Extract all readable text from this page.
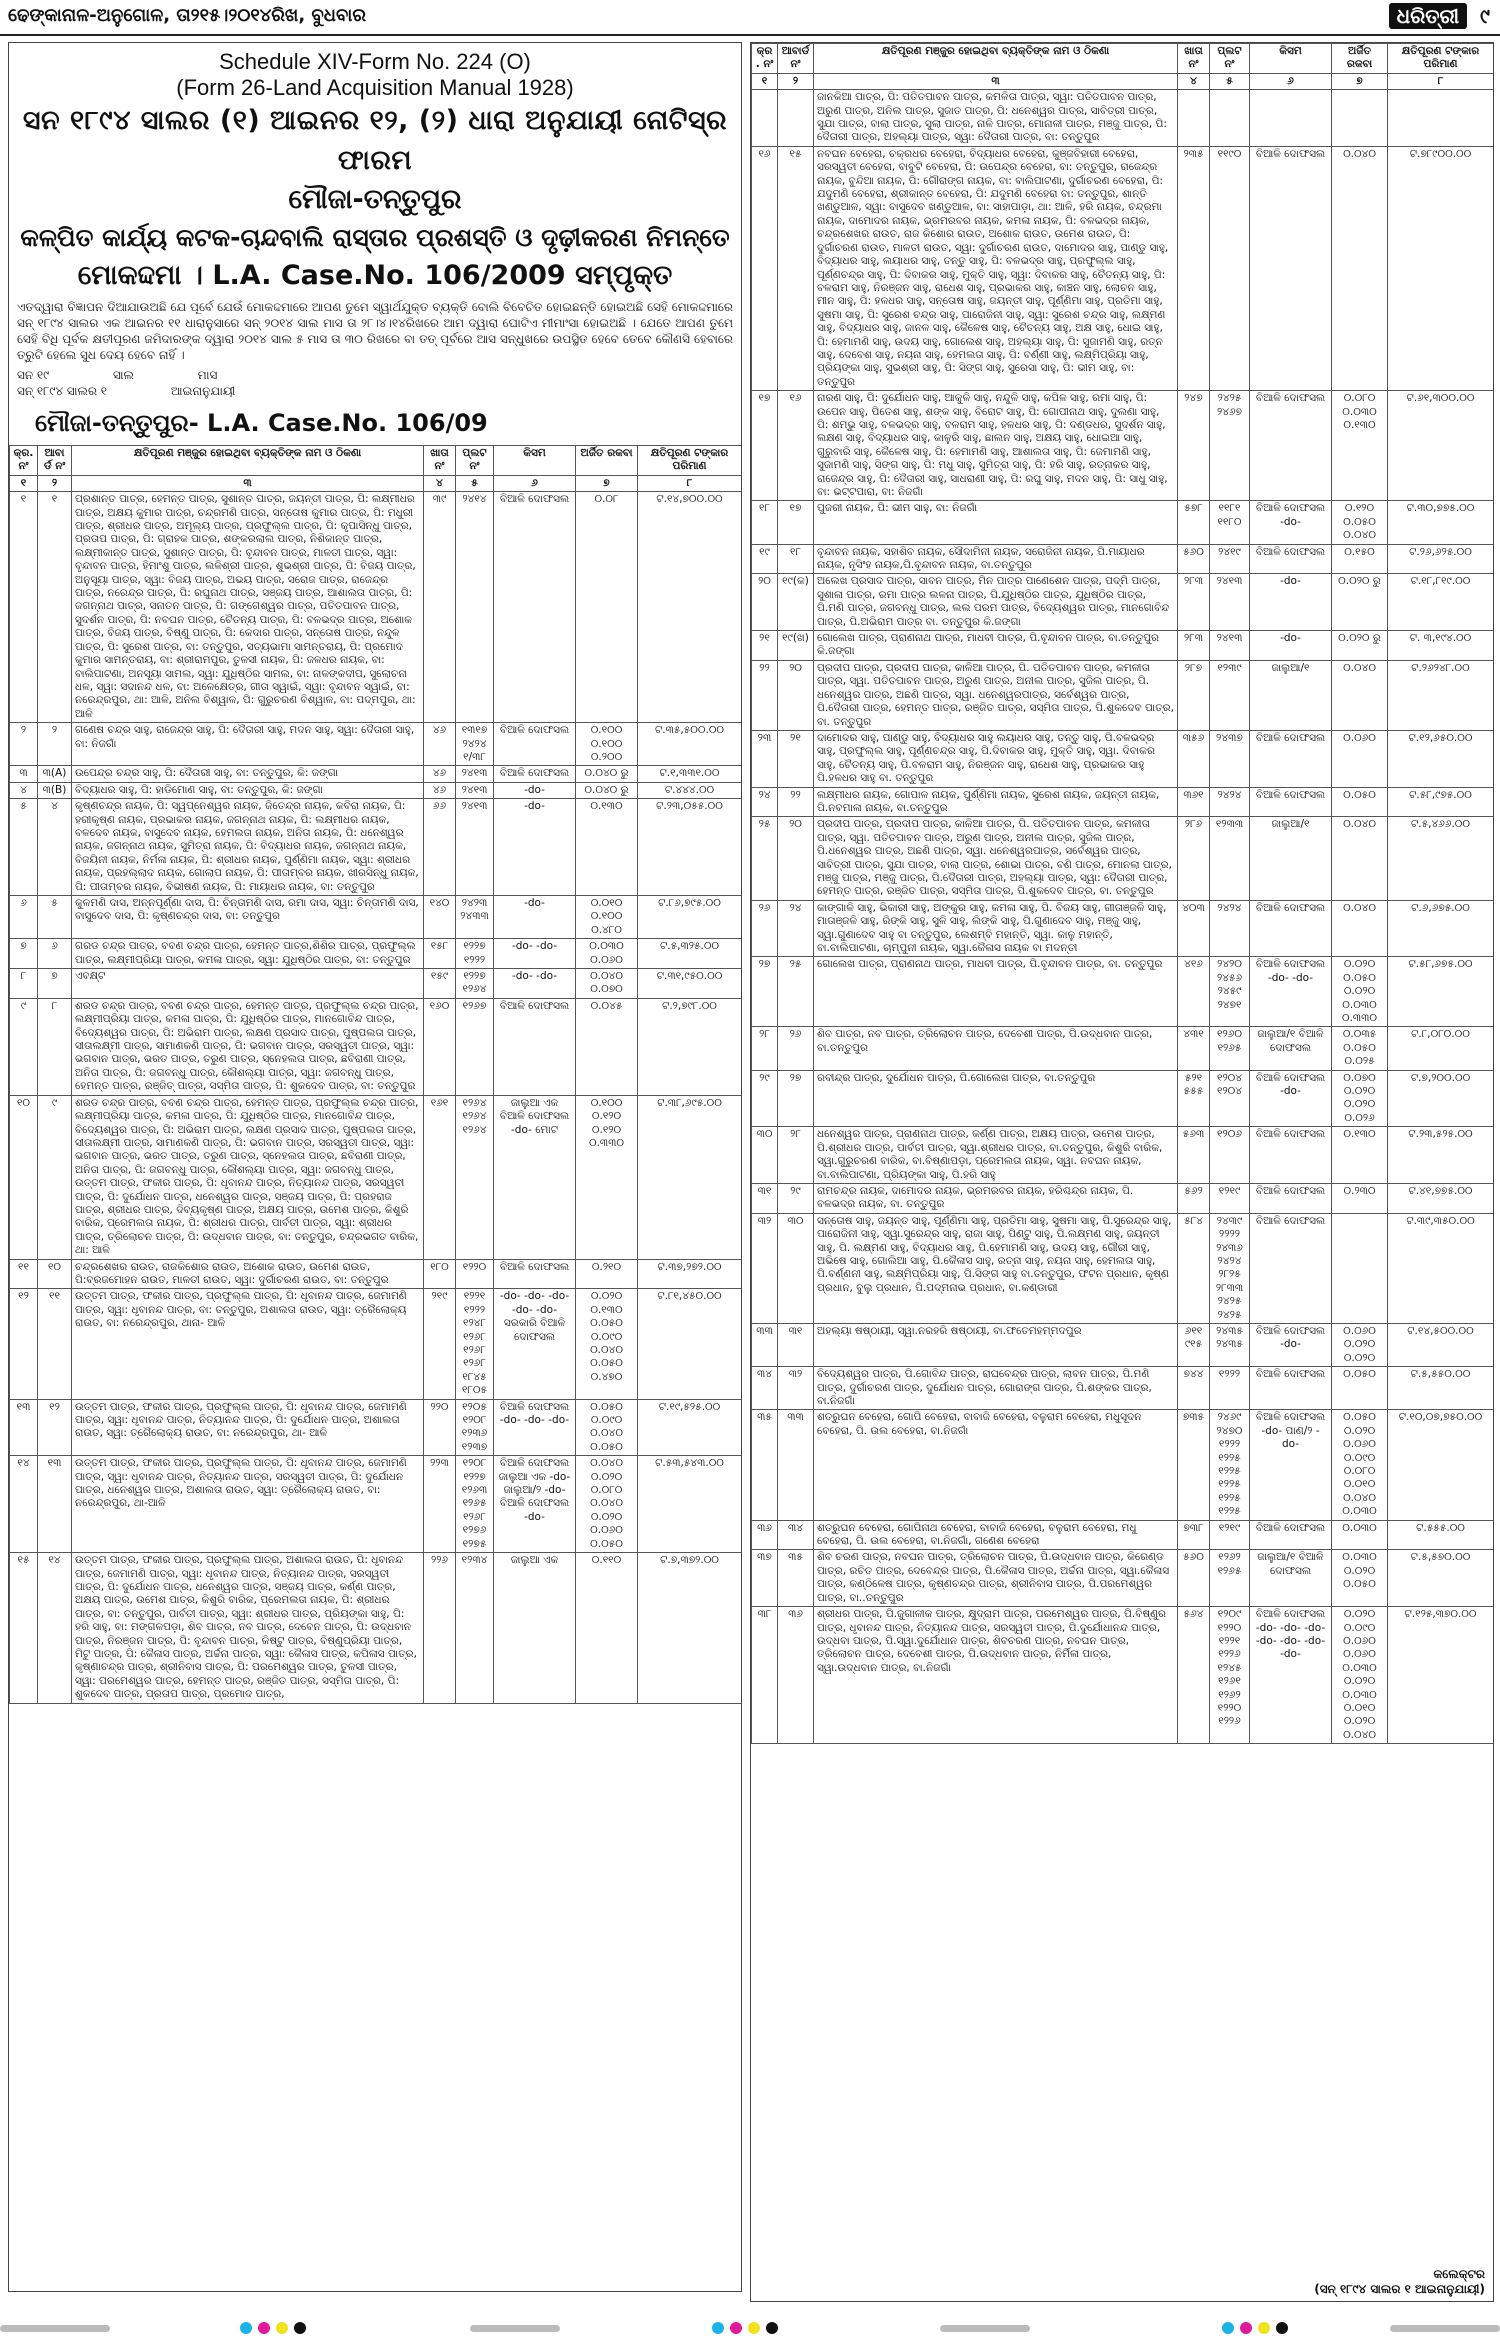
ଢେଙ୍କାନାଳ-ଅନୁଗୋଳ, ତା୨୧୫।୨୦୧୪ରିଖ, ବୁଧବାର	ଧରିତ୍ରୀ ୯
Schedule XIV-Form No. 224 (O)
(Form 26-Land Acquisition Manual 1928)
ସନ ୧୮୯୪ ସାଲର (୧) ଆଇନର ୧୨, (୨) ଧାରା ଅନୁଯାୟୀ ନୋଟିସ୍‌ର ଫାରମ
ମୌଜା-ତନ୍ତୁପୁର
କଳ୍ପିତ କାର୍ଯ୍ୟ କଟକ-ଚାନ୍ଦବାଲି ରାସ୍ତାର ପ୍ରଶସ୍ତି ଓ ଦୃଢ଼ୀକରଣ ନିମନ୍ତେ
ମୋକଦ୍ଦମା । L.A. Case.No. 106/2009 ସମ୍ପୃକ୍ତ
ଏତଦ୍ୱାରା ବିଜ୍ଞାପନ ଦିଆଯାଉଅଛି ଯେ ପୂର୍ବେ ଯେଉଁ ମୋକଦ୍ଦମାରେ ଆପଣ ତୁମେ ସ୍ୱାର୍ଥଯୁକ୍ତ ବ୍ୟକ୍ତି ବୋଲି ବିବେଚିତ ହୋଇଛନ୍ତି ହୋଇଅଛି ସେହି ମୋକଦ୍ଦମାରେ ସନ୍ ୧୮୯୪ ସାଲର ଏକ ଆଇନର ୧୧ ଧାରାନୁସାରେ ସନ୍ ୨୦୧୪ ସାଲ ମାସ ତା ୨୮।୪।୧୪ରିଖରେ ଆମ ଦ୍ୱାରା ଘୋଟିଏ ମୀମାଂସା ହୋଇଅଛି । ଯେତେ ଆପଣ ତୁମେ ସେହି ବିଧି ପୂର୍ବକ କ୍ଷତୀପୂରଣ ଜମିଦାରଙ୍କ ଦ୍ୱାରା ୨୦୧୪ ସାଲ ୫ ମାସ ତା ୩୦ ରିଖରେ ବା ତତ୍ ପୂର୍ବରେ ଆସ ସନ୍ଧୁଖରେ ଉପସ୍ଥିତ ହେବେ ତେବେ କୌଣସି ହେବାରେ ତ୍ରୁଟି ହେଲେ ସୁଧ ଦେୟ ହେବେ ନାହିଁ ।
ସନ ୧୯	ସାଲ	ମାସ
ସନ୍ ୧୮୯୪ ସାଲର ୧	ଆଇନାନୁଯାୟୀ
ମୌଜା-ତନ୍ତୁପୁର- L.A. Case.No. 106/09
କ୍ର. ନଂ	ଆବାର୍ଡ ନଂ	କ୍ଷତିପୂରଣ ମଞ୍ଜୁର ହୋଇଥିବା ବ୍ୟକ୍ତିଙ୍କ ନାମ ଓ ଠିକଣା	ଖାତା ନଂ	ପ୍ଲଟ ନଂ	କିସମ	ଅର୍ଜିତ ରକବା	କ୍ଷତିପୂରଣ ଟଙ୍କାର ପରିମାଣ
୧	୨	୩	୪	୫	୬	୭	୮
୧	୧	ପ୍ରଶାନ୍ତ ପାତ୍ର, ହେମନ୍ତ ପାତ୍ର, ସୁଶାନ୍ତ ପାତ୍ର, ଜୟନ୍ତୀ ପାତ୍ର, ପି: ଲକ୍ଷ୍ମୀଧର ପାତ୍ର, ଅକ୍ଷୟ କୁମାର ପାତ୍ର, ଚନ୍ଦ୍ରମଣି ପାତ୍ର, ସନ୍ତୋଷ କୁମାର ପାତ୍ର, ପି: ମଧୁରୀ ପାତ୍ର, ଶ୍ରୀଧର ପାତ୍ର, ଅମୂଲ୍ୟ ପାତ୍ର, ପ୍ରଫୁଲ୍ଲ ପାତ୍ର, ପି: କୃପାସିନ୍ଧୁ ପାତ୍ର, ପ୍ରତାପ ପାତ୍ର, ପି: ଗ୍ରାହକ ପାତ୍ର, ଶଙ୍କରଲାଲ ପାତ୍ର, ନିଶିକାନ୍ତ ପାତ୍ର, ଲକ୍ଷ୍ମୀକାନ୍ତ ପାତ୍ର, ସୁଶାନ୍ତ ପାତ୍ର, ପି: ବୃନ୍ଦାବନ ପାତ୍ର, ମାଳତୀ ପାତ୍ର, ସ୍ୱା: ବୃନ୍ଦାବନ ପାତ୍ର, ହିମାଂଶୁ ପାତ୍ର, ଲଳିଶ୍ରୀ ପାତ୍ର, ଶୁଭଶ୍ରୀ ପାତ୍ର, ପି: ବିଜୟ ପାତ୍ର, ଅନୁସୂୟା ପାତ୍ର, ସ୍ୱା: ବିଜୟ ପାତ୍ର, ଅଭୟ ପାତ୍ର, ସରୋଜ ପାତ୍ର, ରାଜେନ୍ଦ୍ର ପାତ୍ର, ନରେନ୍ଦ୍ର ପାତ୍ର, ପି: ରଘୁନାଥ ପାତ୍ର, ସଞ୍ଜୟ ପାତ୍ର, ଆଶାଲତା ପାତ୍ର, ପି: ଜଗନ୍ନାଥ ପାତ୍ର, ସନାତନ ପାତ୍ର, ପି: ଗଙ୍ଗେଶ୍ୱର ପାତ୍ର, ପତିତପାବନ ପାତ୍ର, ସୁଦର୍ଶନ ପାତ୍ର, ପି: ନବଘନ ପାତ୍ର, ଚୈତନ୍ୟ ପାତ୍ର, ପି: ବଳଭଦ୍ର ପାତ୍ର, ଅଶୋକ ପାତ୍ର, ବିଜୟ ପାତ୍ର, ବିଷ୍ଣୁ ପାତ୍ର, ପି: କେଦାର ପାତ୍ର, ସନ୍ତୋଷ ପାତ୍ର, ନନ୍ଦୁଳ ପାତ୍ର, ପି: ସୁରେଶ ପାତ୍ର, ବା: ତନ୍ତୁପୁର, ସତ୍ୟଭାମା ସାମନ୍ତରାୟ, ପି: ପ୍ରମୋଦ କୁମାର ସାମନ୍ତରାୟ, ବା: ଶ୍ରୀରାମପୁର, ତୁଳସୀ ନାୟକ, ପି: ଜଳଧର ନାୟକ, ବା: ବାଲିପାଟଣା, ଅନସୂୟା ସାମଲ, ସ୍ୱା: ଯୁଧିଷ୍ଠିର ସାମଲ, ବା: ନାଳଙ୍କଦୀପ, ସୁଲୋଚନା ଧଳ, ସ୍ୱା: ସଦାନନ୍ଦ ଧଳ, ବା: ଅଳେକ୍ଷେତ୍ର, ଗୀତା ସ୍ୱାଇଁ, ସ୍ୱା: ବୃନ୍ଦାବନ ସ୍ୱାଇଁ, ବା: ନରେନ୍ଦ୍ରପୁର, ଥା: ଆଳି, ଅନିଲ ବିଶ୍ୱାଳ, ପି: ଗୁରୁଚରଣ ବିଶ୍ୱାଳ, ବା: ପଦ୍ମପୁର, ଥା: ଆଳି	୩୯	୨୪୧୪	ବିଆଳି ଦୋଫସଲ	୦.୦୮	ଟ.୧୪,୭୦୦.୦୦
୨	୨	ଗଣେଷ ଚନ୍ଦ୍ର ସାହୁ, ରାଜେନ୍ଦ୍ର ସାହୁ, ପି: ଦୈତାରୀ ସାହୁ, ମଦନ ସାହୁ, ସ୍ୱା: ଦୈତାରୀ ସାହୁ, ବା: ନିଜଗାଁ	୪୬	୧୩୧୭ ୨୪୨୪ ୧/୩୮	ବିଆଳି ଦୋଫସଲ	୦.୧୦୦ ୦.୧୦୦ ୦.୨୦୦	ଟ.୩୫,୫୦୦.୦୦
୩	୩(A)	ଉପେନ୍ଦ୍ର ଚନ୍ଦ୍ର ସାହୁ, ପି: ଦୈତାରୀ ସାହୁ, ବା: ତନ୍ତୁପୁର, କି: ଜଙ୍ଗା	୪୬	୨୪୧୩	ବିଆଳି ଦୋଫସଲ	୦.୦୪୦ ରୁ	ଟ.୧,୩୩୧.୦୦
୪	୩(B)	ବିଦ୍ୟାଧର ସାହୁ, ପି: ହାଡିମୋଣ ସାହୁ, ବା: ତନ୍ତୁପୁର, କି: ଜଙ୍ଗା	୪୬	୨୪୧୩	-do-	୦.୦୪୦ ରୁ	ଟ.୪୪୪.୦୦
୫	୪	କୃଷ୍ଣଚନ୍ଦ୍ର ନାୟକ, ପି: ସ୍ୱପ୍ନେଶ୍ୱର ନାୟକ, ଜିତେନ୍ଦ୍ର ନାୟକ, କବିରା ନାୟକ, ପି: ହରୀକୃଷ୍ଣ ନାୟକ, ପ୍ରଭାକର ନାୟକ, ଜଗନ୍ନାଥ ନାୟକ, ପି: ଲକ୍ଷ୍ମୀଧର ନାୟକ, ବଳଦେବ ନାୟକ, ବାସୁଦେବ ନାୟକ, ହେମଲତା ନାୟକ, ଅନିତା ନାୟକ, ପି: ଧନେଶ୍ୱର ନାୟକ, ଜଗନ୍ନାଥ ନାୟକ, ସୁମିତ୍ରା ନାୟକ, ପି: ବିଦ୍ୟାଧର ନାୟକ, ଜଗନ୍ନାଥ ନାୟକ, ବିଜୟିନୀ ନାୟକ, ନିର୍ମଳା ନାୟକ, ପି: ଶ୍ରୀଧର ନାୟକ, ପୁର୍ଣ୍ଣିମା ନାୟକ, ସ୍ୱା: ଶ୍ରୀଧର ନାୟକ, ପ୍ରହଲ୍ଲାଦ ନାୟକ, ଗୋଲାପ ନାୟକ, ପି: ପୀତାମ୍ବର ନାୟକ, ଖୀରସିନ୍ଧୁ ନାୟକ, ପି: ପୀତାମ୍ବର ନାୟକ, ବିଭୀଷଣ ନାୟକ, ପି: ମାୟାଧର ନାୟକ, ବା: ତନ୍ତୁପୁର	୬୬	୨୪୧୩	-do-	୦.୧୩୦	ଟ.୨୩,୦୫୫.୦୦
୬	୫	କୁଳମଣି ଦାସ, ଅନ୍ନପୂର୍ଣ୍ଣା ଦାସ, ପି: ଚିନ୍ତାମଣି ଦାସ, ରମା ଦାସ, ସ୍ୱା: ଚିନ୍ତାମଣି ଦାସ, ବାସୁଦେବ ଦାସ, ପି: କୃଷ୍ଣଚନ୍ଦ୍ର ଦାସ, ବା: ତନ୍ତୁପୁର	୧୪୦	୨୪୨୩ ୨୪୩୩	-do-	୦.୦୧୦ ୦.୧୦୦ ୦.୪୮୦	ଟ.୮୬,୭୯୫.୦୦
୭	୬	ଗରଡ ଚନ୍ଦ୍ର ପାତ୍ର, ବବଣ ଚନ୍ଦ୍ର ପାତ୍ର, ହେମନ୍ତ ପାତ୍ର,ଶିଶିର ପାତ୍ର, ପ୍ରଫୁଲ୍ଲ ପାତ୍ର, ଲକ୍ଷ୍ମୀପ୍ରିୟା ପାତ୍ର, କମଳା ପାତ୍ର, ସ୍ୱା: ଯୁଧିଷ୍ଠିର ପାତ୍ର, ବା: ତନ୍ତୁପୁର	୧୫୮	୧୨୨୭ ୧୨୨୨	-do- -do-	୦.୦୩୦ ୦.୦୬୦	ଟ.୫,୩୨୫.୦୦
୮	୭	ଏବକ୍ଷ୍ଟ	୧୫୯	୧୨୨୭ ୧୨୬୪	-do- -do-	୦.୦୪୦ ୦.୦୭୦	ଟ.୩୧,୯୫୦.୦୦
୯	୮	ଶରଡ ଚନ୍ଦ୍ର ପାତ୍ର, ବବଣ ଚନ୍ଦ୍ର ପାତ୍ର, ହେମନ୍ତ ପାତ୍ର, ପ୍ରଫୁଲ୍ଲ ଚନ୍ଦ୍ର ପାତ୍ର, ଲକ୍ଷ୍ମୀପ୍ରିୟା ପାତ୍ର, କମଳା ପାତ୍ର, ପି: ଯୁଧିଷ୍ଠିର ପାତ୍ର, ମାନଗୋବିନ୍ଦ ପାତ୍ର, ବିଦ୍ୟେଶ୍ୱର ପାତ୍ର, ପି: ଅଭିରାମ ପାତ୍ର, ଲକ୍ଷଣ ପ୍ରସାଦ ପାତ୍ର, ପୁଷ୍ପଲତା ପାତ୍ର, ସୀତାଲକ୍ଷ୍ମୀ ପାତ୍ର, ସାମାଣକଣି ପାତ୍ର, ପି: ଭଗବାନ ପାତ୍ର, ସରସ୍ୱତୀ ପାତ୍ର, ସ୍ୱା: ଭଗବାନ ପାତ୍ର, ଭରତ ପାତ୍ର, ତରୁଣ ପାତ୍ର, ସ୍ନେହଲତା ପାତ୍ର, ଛବିରାଣୀ ପାତ୍ର, ଅନିତା ପାତ୍ର, ପି: ଜଗବନ୍ଧୁ ପାତ୍ର, କୌଶଲ୍ୟା ପାତ୍ର, ସ୍ୱା: ଜଗବନ୍ଧୁ ପାତ୍ର, ହେମନ୍ତ ପାତ୍ର, ରଞ୍ଜିତ୍ ପାତ୍ର, ସସ୍ମିତା ପାତ୍ର, ପି: ଶୁକଦେବ ପାତ୍ର, ବା: ତନ୍ତୁପୁର	୧୬୦	୧୨୬୭	ବିଆଳି ଦୋଫସଲ	୦.୦୪୫	ଟ.୨,୭୯୮.୦୦
୧୦	୯	ଶରଡ ଚନ୍ଦ୍ର ପାତ୍ର, ବବଣ ଚନ୍ଦ୍ର ପାତ୍ର, ହେମନ୍ତ ପାତ୍ର, ପ୍ରଫୁଲ୍ଲ ଚନ୍ଦ୍ର ପାତ୍ର, ଲକ୍ଷ୍ମୀପ୍ରିୟା ପାତ୍ର, କମଳା ପାତ୍ର, ପି: ଯୁଧିଷ୍ଠିର ପାତ୍ର, ମାନଗୋବିନ୍ଦ ପାତ୍ର, ବିଦ୍ୟେଶ୍ୱର ପାତ୍ର, ପି: ଅଭିରାମ ପାତ୍ର, ଲକ୍ଷଣ ପ୍ରସାଦ ପାତ୍ର, ପୁଷ୍ପଲତା ପାତ୍ର, ସୀତାଲକ୍ଷ୍ମୀ ପାତ୍ର, ସାମାଣକଣି ପାତ୍ର, ପି: ଭଗବାନ ପାତ୍ର, ସରସ୍ୱତୀ ପାତ୍ର, ସ୍ୱା: ଭଗବାନ ପାତ୍ର, ଭରତ ପାତ୍ର, ତରୁଣ ପାତ୍ର, ସ୍ନେହଲତା ପାତ୍ର, ଛବିରାଣୀ ପାତ୍ର, ଅନିତା ପାତ୍ର, ପି: ଜଗବନ୍ଧୁ ପାତ୍ର, କୌଶଲ୍ୟା ପାତ୍ର, ସ୍ୱା: ଜଗବନ୍ଧୁ ପାତ୍ର, ଉତ୍ତମ ପାତ୍ର, ଫକୀର ପାତ୍ର, ପି: ଧୃବାନନ୍ଦ ପାତ୍ର, ନିତ୍ୟାନନ୍ଦ ପାତ୍ର, ସରସ୍ୱତୀ ପାତ୍ର, ପି: ଦୁର୍ଯୋଧନ ପାତ୍ର, ଧନେଶ୍ୱର ପାତ୍ର, ସଞ୍ଜୟ ପାତ୍ର, ପି: ପ୍ରହରାଜ ପାତ୍ର, ଶ୍ରୀଧର ପାତ୍ର, ଦିବ୍ୟକୃଷ୍ଣ ପାତ୍ର, ଅକ୍ଷୟ ପାତ୍ର, ଉମେଶ ପାତ୍ର, କିଶୁରି ବାରିକ, ପ୍ରେମଲତା ନାୟକ, ପି: ଶ୍ରୀଧର ପାତ୍ର, ପାର୍ବତୀ ପାତ୍ର, ସ୍ୱା: ଶ୍ରୀଧର ପାତ୍ର, ତ୍ରିଲୋଚନ ପାତ୍ର, ପି: ଉଦ୍ଧବାନ ପାତ୍ର, ବା: ତନ୍ତୁପୁର, ଚନ୍ଦ୍ରଭଗତ ବାରିକ, ଥା: ଆଳି	୧୬୧	୧୨୬୪ ୧୨୬୪ ୧୨୬୪	ଜାଲୁଆ ଏକ ବିଆଳି ଦୋଫସଲ -do- ମୋଟ	୦.୧୦୦ ୦.୧୨୦ ୦.୧୨୦ ୦.୩୩୦	ଟ.୩୮,୬୯୫.୦୦
୧୧	୧୦	ଚନ୍ଦ୍ରଶେଖର ରାଉତ, ରାଜକିଶୋର ରାଉତ, ଅଶୋକ ରାଉତ, ଉମେଶ ରାଉତ, ପି:ବ୍ରଜମୋହନ ରାଉତ, ମାଳତୀ ରାଉତ, ସ୍ୱା: ଦୁର୍ଗାଚରଣ ରାଉତ, ବା: ତନ୍ତୁପୁର	୧୮୦	୧୨୨୦	ବିଆଳି ଦୋଫସଲ	୦.୨୧୦	ଟ.୩୭,୨୭୨.୦୦
୧୨	୧୧	ଉତ୍ତମ ପାତ୍ର, ଫକୀର ପାତ୍ର, ପ୍ରଫୁଲ୍ଲ ପାତ୍ର, ପି: ଧୃବାନନ୍ଦ ପାତ୍ର, ଜେମାମଣି ପାତ୍ର, ସ୍ୱା: ଧୃବାନନ୍ଦ ପାତ୍ର, ବା: ତନ୍ତୁପୁର, ଅଶାଲତା ରାଉତ, ସ୍ୱା: ତ୍ରୈଲୋକ୍ୟ ରାଉତ, ବା: ନରେନ୍ଦ୍ରପୁର, ଥାନା- ଆଳି	୨୧୯	୧୨୨୧ ୧୨୨୨ ୧୨୪୮ ୧୨୬୮ ୧୨୬୮ ୧୨୬୮ ୧୮୪୫ ୧୮୦୫	-do- -do- -do- -do- -do- ସରକାରି ବିଆଳି ଦୋଫସଲ	୦.୦୨୦ ୦.୧୩୦ ୦.୦୫୦ ୦.୦୯୦ ୦.୦୪୦ ୦.୦୫୦ ୦.୪୭୦	ଟ.୮୧,୪୫୦.୦୦
୧୩	୧୨	ଉତ୍ତମ ପାତ୍ର, ଫକୀର ପାତ୍ର, ପ୍ରଫୁଲ୍ଲ ପାତ୍ର, ପି: ଧୃବାନନ୍ଦ ପାତ୍ର, ଜେମାମଣି ପାତ୍ର, ସ୍ୱା: ଧୃବାନନ୍ଦ ପାତ୍ର, ନିତ୍ୟାନନ୍ଦ ପାତ୍ର, ପି: ଦୁର୍ଯୋଧନ ପାତ୍ର, ଅଶାଲତା ରାଉତ, ସ୍ୱା: ତ୍ରୈଲୋକ୍ୟ ରାଉତ, ବା: ନରେନ୍ଦ୍ରପୁର, ଥା- ଆଳି	୨୨୦	୧୨୦୫ ୧୨୦୮ ୧୨୩୬ ୧୨୩୭	ବିଆଳି ଦୋଫସଲ -do- -do- -do-	୦.୦୫୦ ୦.୦୯୦ ୦.୦୪୦ ୦.୦୫୦	ଟ.୧୯,୫୨୫.୦୦
୧୪	୧୩	ଉତ୍ତମ ପାତ୍ର, ଫକୀର ପାତ୍ର, ପ୍ରଫୁଲ୍ଲ ପାତ୍ର, ପି: ଧୃବାନନ୍ଦ ପାତ୍ର, ଜେମାମଣି ପାତ୍ର, ସ୍ୱା: ଧୃବାନନ୍ଦ ପାତ୍ର, ନିତ୍ୟାନନ୍ଦ ପାତ୍ର, ସରସ୍ୱତୀ ପାତ୍ର, ପି: ଦୁର୍ଯୋଧନ ପାତ୍ର, ଧନେଶ୍ୱର ପାତ୍ର, ଅଶାଲତା ରାଉତ, ସ୍ୱା: ତ୍ରୈଲୋକ୍ୟ ରାଉତ, ବା: ନରେନ୍ଦ୍ରପୁର, ଥା-ଆଳି	୨୨୩	୧୨୦୮ ୧୨୨୭ ୧୨୬୩ ୧୨୬୫ ୧୨୬୮ ୧୨୭୬ ୧୨୭୫	ବିଆଳି ଦୋଫସଲ ଜାଲୁଆ ଏକ -do- ଜାଲୁଆ/୨ -do- ବିଆଳି ଦୋଫସଲ -do-	୦.୦୪୦ ୦.୦୨୦ ୦.୦୮୦ ୦.୦୪୦ ୦.୦୨୦ ୦.୦୬୦ ୦.୦୫୦	ଟ.୫୩,୫୪୩.୦୦
୧୫	୧୪	ଉତ୍ତମ ପାତ୍ର, ଫକୀର ପାତ୍ର, ପ୍ରଫୁଲ୍ଲ ପାତ୍ର, ଅଶାଲତା ରାଉତ, ପି: ଧୃବାନନ୍ଦ ପାତ୍ର, ଜେମାମଣି ପାତ୍ର, ସ୍ୱା: ଧୃବାନନ୍ଦ ପାତ୍ର, ନିତ୍ୟାନନ୍ଦ ପାତ୍ର, ସରସ୍ୱତୀ ପାତ୍ର, ପି: ଦୁର୍ଯୋଧନ ପାତ୍ର, ଧନେଶ୍ୱର ପାତ୍ର, ସଞ୍ଜୟ ପାତ୍ର, କର୍ଣ୍ଣ ପାତ୍ର, ଅକ୍ଷୟ ପାତ୍ର, ଉମେଶ ପାତ୍ର, କିଶୁରି ବାରିକ, ପ୍ରେମଲତା ନାୟକ, ପି: ଶ୍ରୀଧର ପାତ୍ର, ବା: ତନ୍ତୁପୁର, ପାର୍ବତୀ ପାତ୍ର, ସ୍ୱା: ଶ୍ରୀଧର ପାତ୍ର, ପ୍ରିୟଙ୍କା ସାହୁ, ପି: ହରି ସାହୁ, ବା: ମଙ୍ଗଳପଡ଼ା, ଶିବ ପାତ୍ର, ନବ ପାତ୍ର, ଦେବେନ ପାତ୍ର, ପି: ଉଦ୍ଧବାନ ପାତ୍ର, ନିରଞ୍ଜନ ପାତ୍ର, ପି: ବୃନ୍ଦାବନ ପାତ୍ର, କିଷ୍ଟୁ ପାତ୍ର, ବିଷ୍ଣୁପ୍ରିୟା ପାତ୍ର, ମିଟୁ ପାତ୍ର, ପି: କୈଳାସ ପାତ୍ର, ଅର୍ଚ୍ଚନା ପାତ୍ର, ସ୍ୱା: କୈଳାସ ପାତ୍ର, କପିଳାସ ପାତ୍ର, କୃଷ୍ଣାଚନ୍ଦ୍ର ପାତ୍ର, ଶ୍ରୀନିବାସ ପାତ୍ର, ପି: ପରମେଶ୍ୱର ପାତ୍ର, ତୁଳସୀ ପାତ୍ର, ସ୍ୱା: ପରମେଶ୍ୱର ପାତ୍ର, ହେମନ୍ତ ପାତ୍ର, ରଞ୍ଜିତ ପାତ୍ର, ସସ୍ମିତା ପାତ୍ର, ପି: ଶୁକଦେବ ପାତ୍ର, ପ୍ରତାପ ପାତ୍ର, ପ୍ରମୋଦ ପାତ୍ର,	୨୨୬	୧୨୩୪	ଜାଲୁଆ ଏକ	୦.୧୧୦	ଟ.୭,୩୭୨.୦୦
କ୍ର. ନଂ	ଆବାର୍ଡ ନଂ	କ୍ଷତିପୂରଣ ମଞ୍ଜୁର ହୋଇଥିବା ବ୍ୟକ୍ତିଙ୍କ ନାମ ଓ ଠିକଣା	ଖାତା ନଂ	ପ୍ଲଟ ନଂ	କିସମ	ଅର୍ଜିତ ରକବା	କ୍ଷତିପୂରଣ ଟଙ୍କାର ପରିମାଣ
୧	୨	୩	୪	୫	୬	୭	୮
		ଜାନକିଆ ପାତ୍ର, ପି: ପତିତପାବନ ପାତ୍ର, କମଳିତା ପାତ୍ର, ସ୍ୱା: ପତିତପାବନ ପାତ୍ର, ଅରୁଣ ପାତ୍ର, ଅନିଲ ପାତ୍ର, ସୁଜାତ ପାତ୍ର, ପି: ଧନେଶ୍ୱର ପାତ୍ର, ସାବିତ୍ରୀ ପାତ୍ର, ସୁଯା ପାତ୍ର, ବାଲା ପାତ୍ର, ସୁଲା ପାତ୍ର, ନାଳି ପାତ୍ର, ମୋନାଳୀ ପାତ୍ର, ମଞ୍ଜୁ ପାତ୍ର, ପି: ଦୈତାରୀ ପାତ୍ର, ଅହଲ୍ୟା ପାତ୍ର, ସ୍ୱା: ଦୈତାରୀ ପାତ୍ର, ବା: ତନ୍ତୁପୁର					
୧୬	୧୫	ନବଘନ ବେହେରା, ଚକ୍ରଧର ବେହେରା, ବିଦ୍ୟାଧର ବେହେରା, କୁଞ୍ଜବିହାରୀ ବେହେରା, ସରସ୍ୱତୀ ବେହେରା, ବାବୁଟି ବେହେରା, ପି: ଉପେନ୍ଦ୍ର ବେହେରା, ବା: ତନ୍ତୁପୁର, ରାଜେନ୍ଦ୍ର ନାୟକ, ବୁନ୍ଦିଆ ନାୟକ, ପି: ଗୌରାଙ୍ଗ ନାୟକ, ବା: ବାଲିପାଟଣା, ଦୁର୍ଗାଚରଣ ବେହେରା, ପି: ଯଦୁମଣି ବେହେରା, ଶ୍ରୀକାନ୍ତ ବେହେରା, ପି: ଯଦୁମଣି ବେହେରା ବା: ତନ୍ତୁପୁର, ଶାନ୍ତି ଖଣ୍ଡୁଆଳ, ସ୍ୱା: ବାସୁଦେବ ଖଣ୍ଡୁଆଳ, ବା: ସାହାପାଡ଼ା, ଥା: ଆଳି, ହରି ନାୟକ, ଚନ୍ଦ୍ରମା ନାୟକ, ଦାମୋଦର ନାୟକ, ଭ୍ରମରବର ନାୟକ, କମଳା ନାୟକ, ପି: ବଳଭଦ୍ର ନାୟକ, ଚନ୍ଦ୍ରଶେଖର ରାଉତ, ରାଜ କିଶୋର ରାଉତ, ଅଶୋକ ରାଉତ, ଉମେଶ ରାଉତ, ପି: ଦୁର୍ଗାଚରଣ ରାଉତ, ମାଳତୀ ରାଉତ, ସ୍ୱା: ଦୁର୍ଗାଚରଣ ରାଉତ, ଦାମୋଦର ସାହୁ, ପାଣ୍ଡୁ ସାହୁ, ବିଦ୍ୟାଧର ସାହୁ, ଲୟାଧର ସାହୁ, ତନ୍ତୁ ସାହୁ, ପି: ବଳଭଦ୍ର ସାହୁ, ପ୍ରଫୁଲ୍ଲ ସାହୁ, ପୂର୍ଣ୍ଣଚନ୍ଦ୍ର ସାହୁ, ପି: ଦିବାକର ସାହୁ, ମୁକ୍ତି ସାହୁ, ସ୍ୱା: ଦିବାକର ସାହୁ, ଚୈତନ୍ୟ ସାହୁ, ପି: ବଳରାମ ସାହୁ, ନିରଞ୍ଜନ ସାହୁ, ରାଧେଶ ସାହୁ, ପ୍ରଭାକର ସାହୁ, କାଞ୍ଚନ ସାହୁ, ଲୋଚନ ସାହୁ, ମୀନ ସାହୁ, ପି: ହଳଧର ସାହୁ, ସନ୍ତୋଷ ସାହୁ, ଜୟନ୍ତୀ ସାହୁ, ପୂର୍ଣ୍ଣିମା ସାହୁ, ପ୍ରତିମା ସାହୁ, ସୁଷମା ସାହୁ, ପି: ସୁରେଶ ଚନ୍ଦ୍ର ସାହୁ, ପାରୋଜିନୀ ସାହୁ, ସ୍ୱା: ସୁରେଶ ଚନ୍ଦ୍ର ସାହୁ, ଲକ୍ଷ୍ମଣ ସାହୁ, ବିଦ୍ୟାଧର ସାହୁ, ଜାନଳ ସାହୁ, କୈଳେଷ ସାହୁ, ଚୈତନ୍ୟ ସାହୁ, ଅକ୍ଷ ସାହୁ, ଧୋଇ ସାହୁ, ପି: ହେମାମଣି ସାହୁ, ଉଦୟ ସାହୁ, ଗୋଲେଶ ସାହୁ, ଅହଲ୍ୟା ସାହୁ, ପି: ସୁଜାମଣି ସାହୁ, ରତ୍ନ ସାହୁ, ଦେବେଶ ସାହୁ, ନୟନା ସାହୁ, ହେମଲତା ସାହୁ, ପି: ବର୍ଣ୍ଣୀ ସାହୁ, ଲକ୍ଷ୍ମିପ୍ରିୟା ସାହୁ, ପ୍ରିୟଙ୍କା ସାହୁ, ସୁଭଶ୍ରୀ ସାହୁ, ପି: ସିଙ୍ଗ ସାହୁ, ସୁରେସା ସାହୁ, ପି: ଭୀମ ସାହୁ, ବା: ତନ୍ତୁପୁର	୨୩୫	୧୧୯୦	ବିଆଳି ଦୋଫସଲ	୦.୦୪୦	ଟ.୭୮୯୦୦.୦୦
୧୭	୧୬	ନାରଣ ସାହୁ, ପି: ଦୁର୍ଯୋଧନ ସାହୁ, ଆକୁଳି ସାହୁ, ନନ୍ଦୁଳି ସାହୁ, କପିଳ ସାହୁ, ରମା ସାହୁ, ପି: ଉପେନ ସାହୁ, ପିତେଶ ସାହୁ, ଶଙ୍କ ସାହୁ, ବିରୋଟ ସାହୁ, ପି: ଗୋପୀନାଥ ସାହୁ, ଦୁଲଣା ସାହୁ, ପି: ଶମ୍ଭୁ ସାହୁ, ବଳଭଦ୍ର ସାହୁ, ବଳରାମ ସାହୁ, ହଳଧର ସାହୁ, ପି: ଦଣ୍ଡଧର, ସୁଦର୍ଶନ ସାହୁ, ଲକ୍ଷଣ ସାହୁ, ବିଦ୍ୟାଧର ସାହୁ, କାଳୁରି ସାହୁ, ଛାଲନ ସାହୁ, ଅକ୍ଷୟ ସାହୁ, ଧୋଇଆ ସାହୁ, ଗୁରୁବାରି ସାହୁ, କୈଳେଷ ସାହୁ, ପି: ହେମାମଣି ସାହୁ, ଆଶାଲତା ସାହୁ, ପି: ଜେମାମଣି ସାହୁ, ସୁଜାମଣି ସାହୁ, ସିଙ୍ଗ ସାହୁ, ପି: ମଧୁ ସାହୁ, ସୁମିତ୍ରା ସାହୁ, ପି: ହରି ସାହୁ, ରତ୍ନାକର ସାହୁ, ରାଜେନ୍ଦ୍ର ସାହୁ, ପି: ଦୈତାରୀ ସାହୁ, ସାଧରାଣୀ ସାହୁ, ପି: ରଘୁ ସାହୁ, ମଦନ ସାହୁ, ପି: ସାଧୁ ସାହୁ, ବା: ଭଟ୍ଟପାରା, ବା: ନିଜଗାଁ	୨୪୭	୨୪୨୫ ୨୪୬୭	ବିଆଳି ଦୋଫସଲ	୦.୦୮୦ ୦.୦୩୦ ୦.୧୩୦	ଟ.୬୧,୩୦୦.୦୦
୧୮	୧୭	ପୁଜରୀ ନାୟକ, ପି: ଭୀମ ସାହୁ, ବା: ନିଜଗାଁ	୫୭୮	୧୧୮୧ ୧୧୮୦	ବିଆଳି ଦୋଫସଲ -do-	୦.୧୨୦ ୦.୦୫୦ ୦.୦୪୦	ଟ.୩୦,୭୭୫.୦୦
୧୯	୧୮	ବୃନ୍ଦାବନ ନାୟକ, ସହାଶିବ ନାୟକ, ସୌଦାମିନୀ ନାୟକ, ସରୋଜିନୀ ନାୟକ, ପି.ମାୟାଧର ନାୟକ, ନୃସିଂହ ନାୟକ,ପି.ବୃନ୍ଦାବନ ନାୟକ, ବା.ତନ୍ତୁପୁର	୫୬୦	୨୪୧୯	ବିଆଳି ଦୋଫସଲ	୦.୧୫୦	ଟ.୨୬,୬୨୫.୦୦
୨୦	୧୯(କ)	ଅଲେଖ ପ୍ରସାଦ ପାତ୍ର, ସାବନ ପାତ୍ର, ମିନ ପାତ୍ର ପାଣେଶେନ ପାତ୍ର, ପଦ୍ମି ପାତ୍ର, ସୁଶାଳା ପାତ୍ର, ରମା ପାତ୍ର ଲଳନା ପାତ୍ର, ପି.ଯୁଧିଷ୍ଠିର ପାତ୍ର, ଯୁଧିଷ୍ଠିର ପାତ୍ର, ପି.ମଣି ପାତ୍ର, ଜଗବନ୍ଧୁ ପାତ୍ର, ଲଲ ପରମ ପାତ୍ର, ବିଦ୍ୟେଶ୍ୱର ପାତ୍ର, ମାନଗୋବିନ୍ଦ ପାତ୍ର, ପି.ଅଭିରାମ ପାତ୍ର ବା. ତନ୍ତୁପୁର କି.ଜଙ୍ଗା	୨୮୩	୨୪୧୩	-do-	୦.୦୨୦ ରୁ	ଟ.୧୮,୮୧୯.୦୦
୨୧	୧୯(ଖ)	ଗୋଲେଖ ପାତ୍ର, ପ୍ରାଣନାଥ ପାତ୍ର, ମାଧବୀ ପାତ୍ର, ପି.ବୃନ୍ଦାବନ ପାତ୍ର, ବା.ତନ୍ତୁପୁର କି.ଜଙ୍ଗା	୨୮୩	୨୪୧୩	-do-	୦.୦୨୦ ରୁ	ଟ. ୩,୧୯୪.୦୦
୨୨	୨୦	ପ୍ରଦୀପ ପାତ୍ର, ପ୍ରଦୀପ ପାତ୍ର, କାଳିଆ ପାତ୍ର, ପି. ପତିତପାବନ ପାତ୍ର, କମଳୀତା ପାତ୍ର, ସ୍ୱା. ପତିତପାବନ ପାତ୍ର, ଅରୁଣ ପାତ୍ର, ଅନୀଲ ପାତ୍ର, ସୁଜିଲ ପାତ୍ର, ପି. ଧନେଶ୍ୱର ପାତ୍ର, ଅଛଣି ପାତ୍ର, ସ୍ୱା. ଧନେଶ୍ୱରପାତ୍ର, ସର୍ବେଶ୍ୱର ପାତ୍ର, ପି.ଦୈତାରୀ ପାତ୍ର, ହେମନ୍ତ ପାତ୍ର, ରଞ୍ଜିତ ପାତ୍ର, ସସ୍ମିତା ପାତ୍ର, ପି.ଶୁକଦେବ ପାତ୍ର, ବା. ତନ୍ତୁପୁର	୨୮୭	୧୨୩୯	ଜାଲୁଆ/୧	୦.୦୪୦	ଟ.୨୬୨୪୮.୦୦
୨୩	୨୧	ଦାମୋଦର ସାହୁ, ପାଣ୍ଡୁ ସାହୁ, ବିଦ୍ୟାଧର ସାହୁ ଲୟାଧର ସାହୁ, ତନ୍ତୁ ସାହୁ, ପି.ବଳଭଦ୍ର ସାହୁ, ପ୍ରଫୁଲ୍ଲ ସାହୁ, ପୂର୍ଣ୍ଣଚନ୍ଦ୍ର ସାହୁ, ପି.ଦିବାକର ସାହୁ, ମୁକ୍ତି ସାହୁ, ସ୍ୱା. ଦିବାକର ସାହୁ, ଚୈତନ୍ୟ ସାହୁ, ପି.ବଳରାମ ସାହୁ, ନିରଞ୍ଜନ ସାହୁ, ରାଧେଶ ସାହୁ, ପ୍ରଭାକର ସାହୁ ପି.ହଳଧର ସାହୁ ବା. ତନ୍ତୁପୁର	୩୫୬	୨୪୩୭	ବିଆଳି ଦୋଫସଲ	୦.୦୬୦	ଟ.୧୨,୬୫୦.୦୦
୨୪	୨୨	ଲକ୍ଷ୍ମୀଧର ନାୟକ, ଗୋପାଳ ନାୟକ, ପୁର୍ଣ୍ଣିମା ନାୟକ, ସୁରେଶ ନାୟକ, ଜୟନ୍ତୀ ନାୟକ, ପି.ନବମାଳା ନାୟକ, ବା.ତନ୍ତୁପୁର	୩୬୧	୨୪୨୪	ବିଆଳି ଦୋଫସଲ	୦.୦୫୦	ଟ.୫୮,୯୭୫.୦୦
୨୫	୨୦	ପ୍ରଦୀପ ପାତ୍ର, ପ୍ରଦୀପ ପାତ୍ର, କାଳିଆ ପାତ୍ର, ପି. ପତିତପାବନ ପାତ୍ର, କମଳୀତା ପାତ୍ର, ସ୍ୱା. ପତିତପାବନ ପାତ୍ର, ଅରୁଣ ପାତ୍ର, ଅନୀଲ ପାତ୍ର, ସୁଜିଲ ପାତ୍ର, ପି.ଧନେଶ୍ୱର ପାତ୍ର, ଅଛଣି ପାତ୍ର, ସ୍ୱା. ଧନେଶ୍ୱରପାତ୍ର, ସର୍ବେଶ୍ୱର ପାତ୍ର, ସାବିତ୍ରୀ ପାତ୍ର, ସୁଯା ପାତ୍ର, ବାଲା ପାତ୍ର, ଶୋଭା ପାତ୍ର, ବଣି ପାତ୍ର, ମୋନଲା ପାତ୍ର, ମଞ୍ଜୁ ପାତ୍ର, ମଞ୍ଜୁ ପାତ୍ର, ପି.ଦୈତାରୀ ପାତ୍ର, ଅହଲ୍ୟା ପାତ୍ର, ସ୍ୱା: ଦୈତାରୀ ପାତ୍ର, ହେମନ୍ତ ପାତ୍ର, ରଞ୍ଜିତ ପାତ୍ର, ସସ୍ମିତା ପାତ୍ର, ପି.ଶୁକଦେବ ପାତ୍ର, ବା. ତନ୍ତୁପୁର	୨୮୬	୧୨୩୩	ଜାଲୁଆ/୧	୦.୦୪୦	ଟ.୫,୪୬୬.୦୦
୨୬	୨୪	କାଙ୍ଗାଳି ସାହୁ, ଭିକାରୀ ସାହୁ, ଅଙ୍କୁର ସାହୁ, କମଳା ସାହୁ, ପି. ବିଜୟ ସାହୁ, ଗୀତାଞ୍ଜଳି ସାହୁ, ମାତାଞ୍ଜଳି ସାହୁ, ରିଙ୍କି ସାହୁ, ସୁଳି ସାହୁ, ଲିଙ୍କି ସାହୁ, ପି.ଗୁଣାଦେବ ସାହୁ, ମଞ୍ଜୁ ସାହୁ, ସ୍ୱା.ଗୁଣାଦେବ ସାହୁ ବା ତନ୍ତୁପୁର, ଲେଶମ୍ବି ମହାନ୍ତି, ସ୍ୱା. କାଳୁ ମହାନ୍ତି, ବା.ବାଲିପାଟଣା, ଚାମ୍ପୁନୀ ନାୟକ, ସ୍ୱା.କୈଳାସ ନାୟକ ବା ମଦନ୍ତୀ	୪୦୩	୨୪୨୪	ବିଆଳି ଦୋଫସଲ	୦.୦୪୦	ଟ.୬,୬୭୫.୦୦
୨୭	୨୫	ଗୋଲେଖ ପାତ୍ର, ପ୍ରାଣନାଥ ପାତ୍ର, ମାଧବୀ ପାତ୍ର, ପି.ବୃନ୍ଦାବନ ପାତ୍ର, ବା. ତନ୍ତୁପୁର	୪୧୬	୨୪୨୦ ୨୪୫୬ ୨୪୫୯ ୨୪୭୧	ବିଆଳି ଦୋଫସଲ -do- -do-	୦.୦୨୦ ୦.୦୫୦ ୦.୦୨୦ ୦.୦୩୦ ୦.୩୩୦	ଟ.୫୮,୬୭୫.୦୦
୨୮	୨୬	ଶିବ ପାତ୍ର, ନବ ପାତ୍ର, ତ୍ରିଲୋଚନ ପାତ୍ର, ଦେବେଶୀ ପାତ୍ର, ପି.ଉଦ୍ଧବାନ ପାତ୍ର, ବା.ତନ୍ତୁପୁର	୪୩୧	୧୨୬୦ ୧୨୬୫	ଜାଲୁଆ/୧ ବିଆଳି ଦୋଫସଲ	୦.୦୩୫ ୦.୦୫୦ ୦.୦୨୫	ଟ.୮,୦୮୦.୦୦
୨୯	୨୭	ରବୀନ୍ଦ୍ର ପାତ୍ର, ଦୁର୍ଯୋଧନ ପାତ୍ର, ପି.ଗୋଲେଖ ପାତ୍ର, ବା.ତନ୍ତୁପୁର	୫୨୧ ୫୫୫	୧୨୦୪ ୧୨୦୪	ବିଆଳି ଦୋଫସଲ -do-	୦.୦୭୦ ୦.୦୨୦ ୦.୦୨୦ ୦.୦୨୬	ଟ.୭,୨୦୦.୦୦
୩୦	୨୮	ଧନେଶ୍ୱର ପାତ୍ର, ପ୍ରାଣନାଥ ପାତ୍ର, କର୍ଣ୍ଣ ପାତ୍ର, ଅକ୍ଷୟ ପାତ୍ର, ଉମେଶ ପାତ୍ର, ପି.ଶ୍ରୀଧର ପାତ୍ର, ପାର୍ବତୀ ପାତ୍ର, ସ୍ୱା.ଶ୍ରୀଧର ପାତ୍ର, ବା.ତନ୍ତୁପୁର, କିଶୁରି ବାରିକ, ସ୍ୱା.ଗୁରୁଚରଣ ବାରିକ, ବା.ବିଷ୍ଣାପଡ଼ା, ପ୍ରେମଲତା ନାୟକ, ସ୍ୱା. ନବଘନ ନାୟକ, ବା.ବାଲିପାଟଣା, ପ୍ରିୟଙ୍କା ସାହୁ, ପି.ହରି ସାହୁ	୫୬୩	୧୨୦୬	ବିଆଳି ଦୋଫସଲ	୦.୧୩୦	ଟ.୨୩,୫୨୫.୦୦
୩୧	୨୯	ରାମଚନ୍ଦ୍ର ନାୟକ, ଦାମୋଦର ନାୟକ, ଭ୍ରମରବର ନାୟକ, ହରିଶ୍ଚନ୍ଦ୍ର ନାୟକ, ପି. ବଳଭଦ୍ର ନାୟକ, ବା. ତନ୍ତୁପୁର	୫୬୨	୧୨୧୯	ବିଆଳି ଦୋଫସଲ	୦.୨୩୦	ଟ.୪୧,୭୭୫.୦୦
୩୨	୩୦	ସନ୍ତୋଷ ସାହୁ, ଜୟନ୍ତ ସାହୁ, ପୂର୍ଣ୍ଣିମା ସାହୁ, ପ୍ରତିମା ସାହୁ, ସୁଷମା ସାହୁ, ପି.ସୁରେନ୍ଦ୍ର ସାହୁ, ପାରୋଜିନୀ ସାହୁ, ସ୍ୱା.ସୁରେନ୍ଦ୍ର ସାହୁ, ରାଜା ସାହୁ, ପିଣ୍ଟୁ ସାହୁ, ପି.ଲକ୍ଷ୍ମଣ ସାହୁ, ଜୟନ୍ତୀ ସାହୁ, ପି. ଲକ୍ଷ୍ମଣ ସାହୁ, ବିଦ୍ୟାଧର ସାହୁ, ପି.ହେମାମଣି ସାହୁ, ଉଦୟ ସାହୁ, ଗୌରୀ ସାହୁ, ଅଭିଷେ ସାହୁ, ଗୋଲିଆ ସାହୁ, ପି.କୈଳାସ ସାହୁ, ରତ୍ନା ସାହୁ, ନୟନା ସାହୁ, ହେମଲତା ସାହୁ, ପି.ବର୍ଣ୍ଣନୀ ସାହୁ, ଲକ୍ଷ୍ମିପ୍ରିୟା ସାହୁ, ପି.ସିଙ୍ଗ ସାହୁ ବା.ତନ୍ତୁପୁର, ଫଟନ ପ୍ରଧାନ, କୃଷ୍ଣ ପ୍ରଧାନ, ବୁଲୁ ପ୍ରଧାନ, ପି.ପଦ୍ମନାଭ ପ୍ରଧାନ, ବା.କଣ୍ଡାରୀ	୫୮୪	୨୪୩୯ ୨୨୨୨ ୨୪୩୬ ୨୪୨୪ ୨୮୨୫ ୨୮୩୩ ୨୪୨୫ ୨୪୨୫	ବିଆଳି ଦୋଫସଲ		ଟ.୩୯,୩୫୦.୦୦
୩୩	୩୧	ଅହଲ୍ୟା ଷଷ୍ଠାୟୀ, ସ୍ୱା.ନରହରି ଷଷ୍ଠାୟୀ, ବା.ଫତେମହମ୍ମଦପୁର	୬୧୧ ୯୧୫	୨୪୩୫ ୨୪୩୫	ବିଆଳି ଦୋଫସଲ -do-	୦.୦୬୦ ୦.୦୨୦ ୦.୦୨୦	ଟ.୧୪,୫୦୦.୦୦
୩୪	୩୨	ବିଦ୍ୟେଶ୍ୱର ପାତ୍ର, ପି.ଗୋବିନ୍ଦ ପାତ୍ର, ରାଘବେନ୍ଦ୍ର ପାତ୍ର, ଲାବନ ପାତ୍ର, ପି.ମଣି ପାତ୍ର, ଦୁର୍ଗାଚରଣ ପାତ୍ର, ଦୁର୍ଯୋଧନ ପାତ୍ର, ଗୋରାଙ୍ଗ ପାତ୍ର, ପି.ଶଙ୍କର ପାତ୍ର, ବା.ନିଜଗାଁ	୭୪୪	୧୨୨୨	ବିଆଳି ଦୋଫସଲ	୦.୦୫୦	ଟ.୫,୫୫୦.୦୦
୩୫	୩୩	ଶତ୍ରୁଘନ ବେହେରା, ଗୋପି ବେହେରା, ବାବାଜି ବେହେରା, ବଳୁରାମ ବେହେରା, ମଧୁସୂଦନ ବେହେରା, ପି. ଉଲ ବେହେରା, ବା.ନିଜଗାଁ	୭୩୫	୨୪୬୯ ୨୪୭୦ ୧୨୨୨ ୧୨୨୫ ୧୨୨୫ ୧୨୨୫ ୧୨୨୫ ୧୨୨୫	ବିଆଳି ଦୋଫସଲ -do- ପାଣ/୨ -do-	୦.୦୫୦ ୦.୦୨୦ ୦.୦୬୦ ୦.୦୯୦ ୦.୦୮୦ ୦.୦୧୦ ୦.୦୪୦ ୦.୦୩୦	ଟ.୧୦,୦୭,୭୫୦.୦୦
୩୬	୩୪	ଶତ୍ରୁଘନ ବେହେରା, ଗୋପିନାଥ ବେହେରା, ବାବାଜି ବେହେରା, ବଳୁରାମ ବେହେରା, ମଧୁ ବେହେରା, ପି. ଉଲ ବେହେରା, ବା.ନିଜଗାଁ, ଗଣେଶ ବେହେରା	୭୩୮	୧୨୧୯	ବିଆଳି ଦୋଫସଲ	୦.୦୩୦	ଟ.୫୫୫.୦୦
୩୭	୩୫	ଶିବ ଚରଣ ପାତ୍ର, ନବଘନ ପାତ୍ର, ତ୍ରିଲୋଚନ ପାତ୍ର, ପି.ଉଦ୍ଧବାନ ପାତ୍ର, କିରେଣ୍ଡ ପାତ୍ର, ରଚିତ ପାତ୍ର, ଦେବେନ୍ଦ୍ର ପାତ୍ର, ପି.କୈଳାସ ପାତ୍ର, ଅର୍ଚ୍ଚନା ପାତ୍ର, ସ୍ୱା.କୈଳାସ ପାତ୍ର, କଣ୍ଠିଳେଷ ପାତ୍ର, କୃଷ୍ଣଚନ୍ଦ୍ର ପାତ୍ର, ଶ୍ରୀନିବାସ ପାତ୍ର, ପି.ପରମେଶ୍ୱର ପାତ୍ର, ବା..ତନ୍ତୁପୁର	୫୬୦	୧୨୬୨ ୧୨୬୫	ଜାଲୁଆ/୧ ବିଆଳି ଦୋଫସଲ	୦.୦୩୦ ୦.୦୨୦ ୦.୦୫୦	ଟ.୫,୫୭୦.୦୦
୩୮	୩୬	ଶ୍ରୀଧର ପାତ୍ର, ପି.ଜୁଗାଳୀକ ପାତ୍ର, କ୍ଷୁଦ୍ରାମ ପାତ୍ର, ପରମେଶ୍ୱର ପାତ୍ର, ପି.ବିଷ୍ଣୁର ପାତ୍ର, ଧୃବାନନ୍ଦ ପାତ୍ର, ନିତ୍ୟାନନ୍ଦ ପାତ୍ର, ସରସ୍ୱତୀ ପାତ୍ର, ପି.ଦୁର୍ଯୋଧାନନ୍ଦ ପାତ୍ର, ଉଦ୍ଧବା ପାତ୍ର, ପି.ସ୍ୱା.ଦୁର୍ଯୋଧାନ ପାତ୍ର, ଶିବଚରଣ ପାତ୍ର, ନବଘନ ପାତ୍ର, ତ୍ରିଲୋଚନ ପାତ୍ର, ଦେବେଶୀ ପାତ୍ର, ପି.ଉଦ୍ଧବାନ ପାତ୍ର, ନିର୍ମିଳା ପାତ୍ର, ସ୍ୱା.ଉଦ୍ଧବାନ ପାତ୍ର, ବା.ନିଜଗାଁ	୫୬୪	୧୨୦୯ ୧୨୨୦ ୧୨୨୧ ୧୨୨୬ ୧୨୪୫ ୧୨୬୧ ୧୨୬୨ ୧୨୨୦ ୧୨୨୬	ବିଆଳି ଦୋଫସଲ -do- -do- -do- -do- -do- -do- -do-	୦.୦୨୦ ୦.୦୯୦ ୦.୦୬୦ ୦.୦୬୦ ୦.୦୩୦ ୦.୦୨୦ ୦.୦୩୦ ୦.୦୧୦ ୦.୦୨୦ ୦.୦୪୦	ଟ.୧୨୫,୩୭୦.୦୦
କଲେକ୍ଟର
(ସନ୍ ୧୮୯୪ ସାଲର ୧ ଆଇନାନୁଯାୟୀ)
